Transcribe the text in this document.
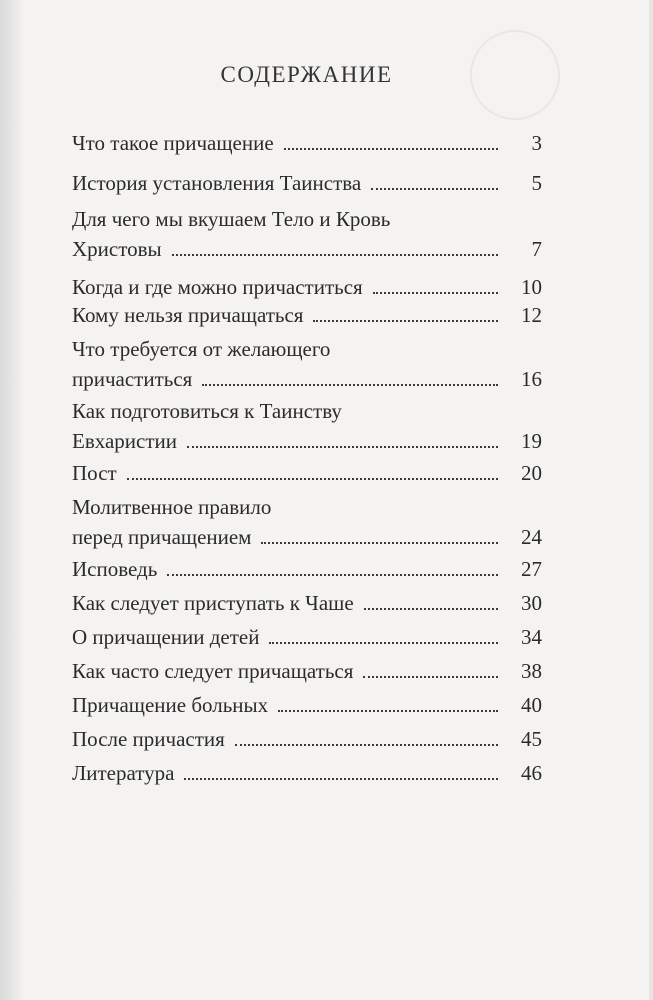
СОДЕРЖАНИЕ
Что такое причащение	3
История установления Таинства	5
Для чего мы вкушаем Тело и Кровь
Христовы	7
Когда и где можно причаститься	10
Кому нельзя причащаться	12
Что требуется от желающего
причаститься	16
Как подготовиться к Таинству
Евхаристии	19
Пост	20
Молитвенное правило
перед причащением	24
Исповедь	27
Как следует приступать к Чаше	30
О причащении детей	34
Как часто следует причащаться	38
Причащение больных	40
После причастия	45
Литература	46
